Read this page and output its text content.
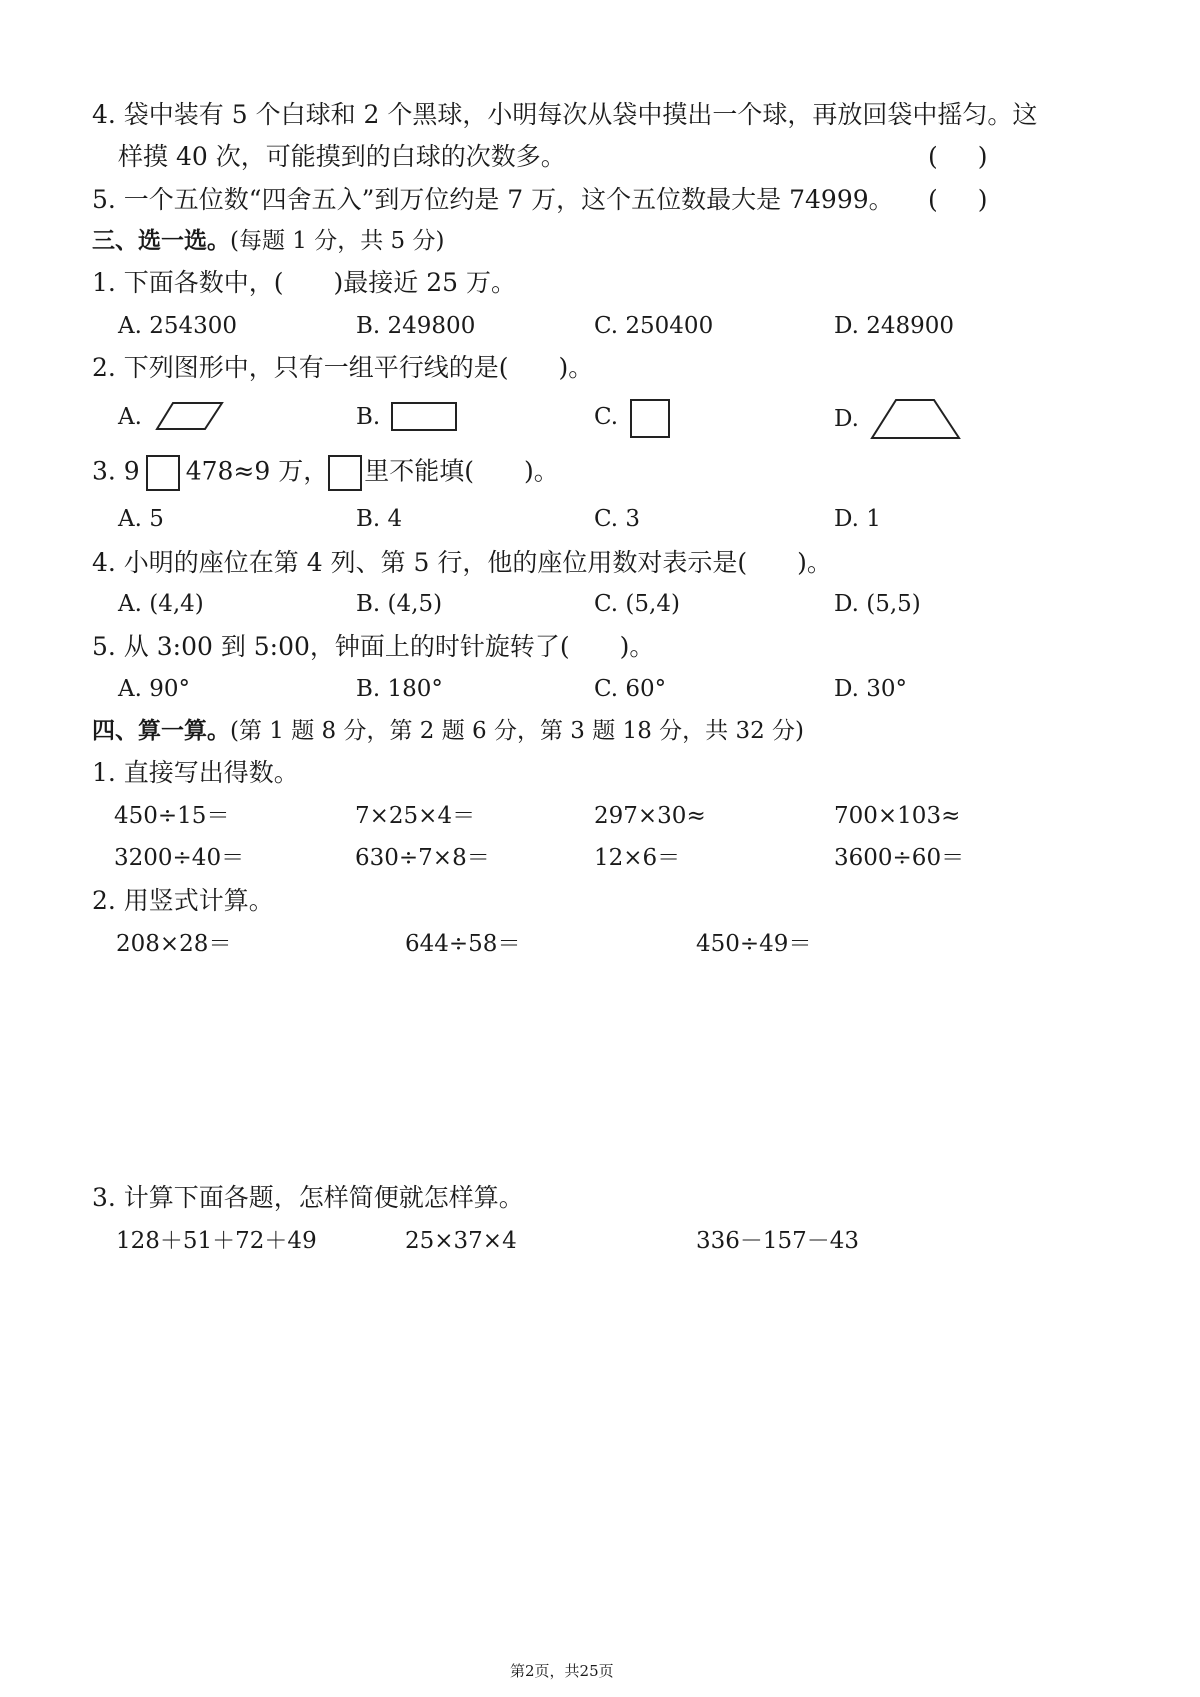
4. 袋中装有 5 个白球和 2 个黑球，小明每次从袋中摸出一个球，再放回袋中摇匀。这
样摸 40 次，可能摸到的白球的次数多。	()
5. 一个五位数“四舍五入”到万位约是 7 万，这个五位数最大是 74999。 ()
三、选一选。(每题 1 分，共 5 分)
1. 下面各数中，(　　)最接近 25 万。
A. 254300	B. 249800	C. 250400	D. 248900
2. 下列图形中，只有一组平行线的是(　　)。
A.	B.	C.	D.
3. 9 478≈9 万， 里不能填(　　)。
A. 5	B. 4	C. 3	D. 1
4. 小明的座位在第 4 列、第 5 行，他的座位用数对表示是(　　)。
A. (4,4)	B. (4,5)	C. (5,4)	D. (5,5)
5. 从 3:00 到 5:00，钟面上的时针旋转了(　　)。
A. 90°	B. 180°	C. 60°	D. 30°
四、算一算。(第 1 题 8 分，第 2 题 6 分，第 3 题 18 分，共 32 分)
1. 直接写出得数。
450÷15＝	7×25×4＝	297×30≈	700×103≈
3200÷40＝	630÷7×8＝	12×6＝	3600÷60＝
2. 用竖式计算。
208×28＝	644÷58＝	450÷49＝
3. 计算下面各题，怎样简便就怎样算。
128＋51＋72＋49	25×37×4	336－157－43
第2页，共25页
